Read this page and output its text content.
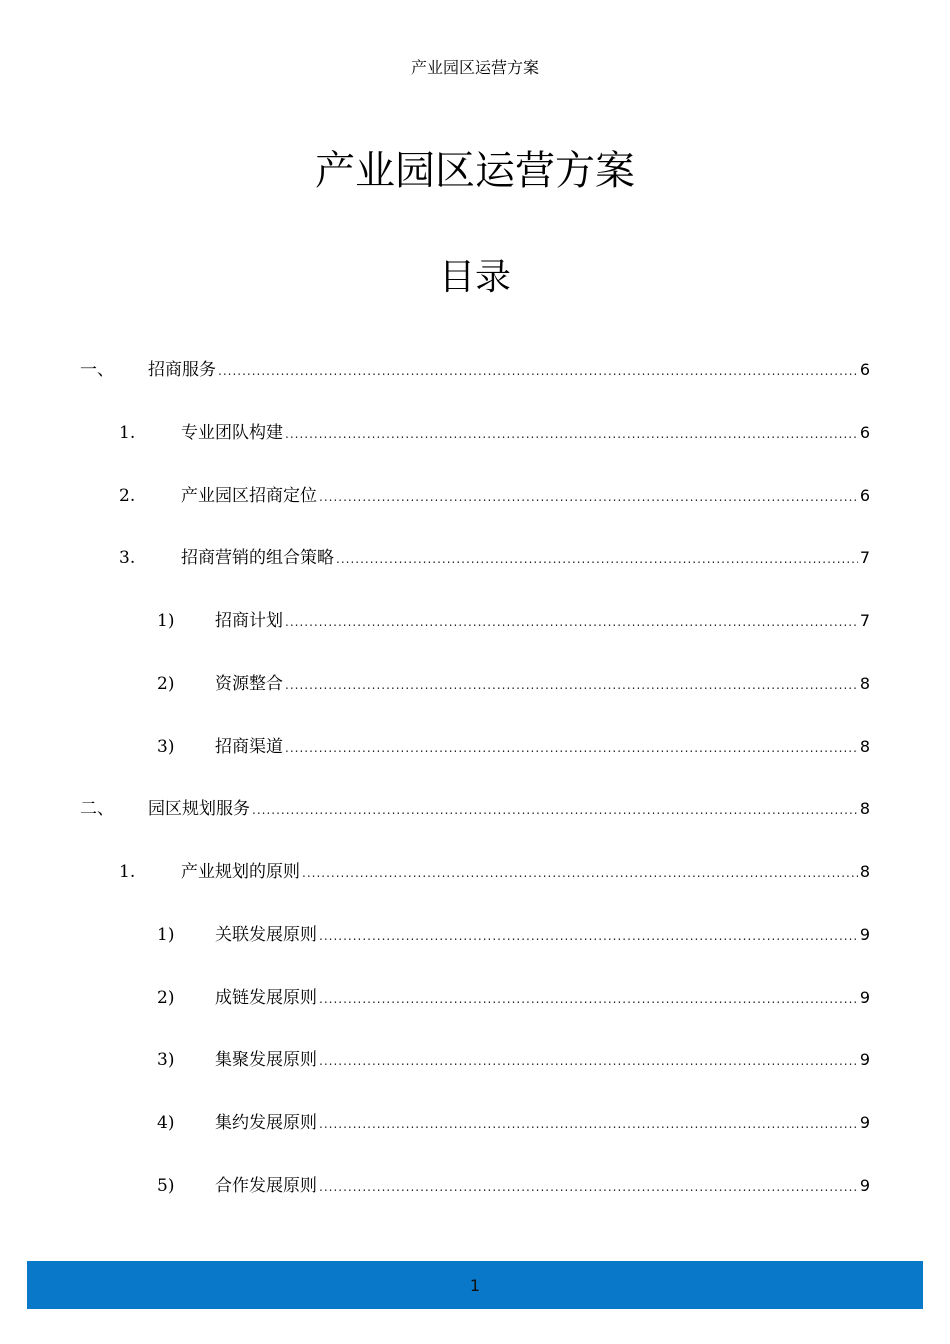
产业园区运营方案
产业园区运营方案
目录
一、	招商服务 .....	6
1.	专业团队构建 .....	6
2.	产业园区招商定位 .....	6
3.	招商营销的组合策略 .....	7
1)	招商计划 .....	7
2)	资源整合 .....	8
3)	招商渠道 .....	8
二、	园区规划服务 .....	8
1.	产业规划的原则 .....	8
1)	关联发展原则 .....	9
2)	成链发展原则 .....	9
3)	集聚发展原则 .....	9
4)	集约发展原则 .....	9
5)	合作发展原则 .....	9
1
